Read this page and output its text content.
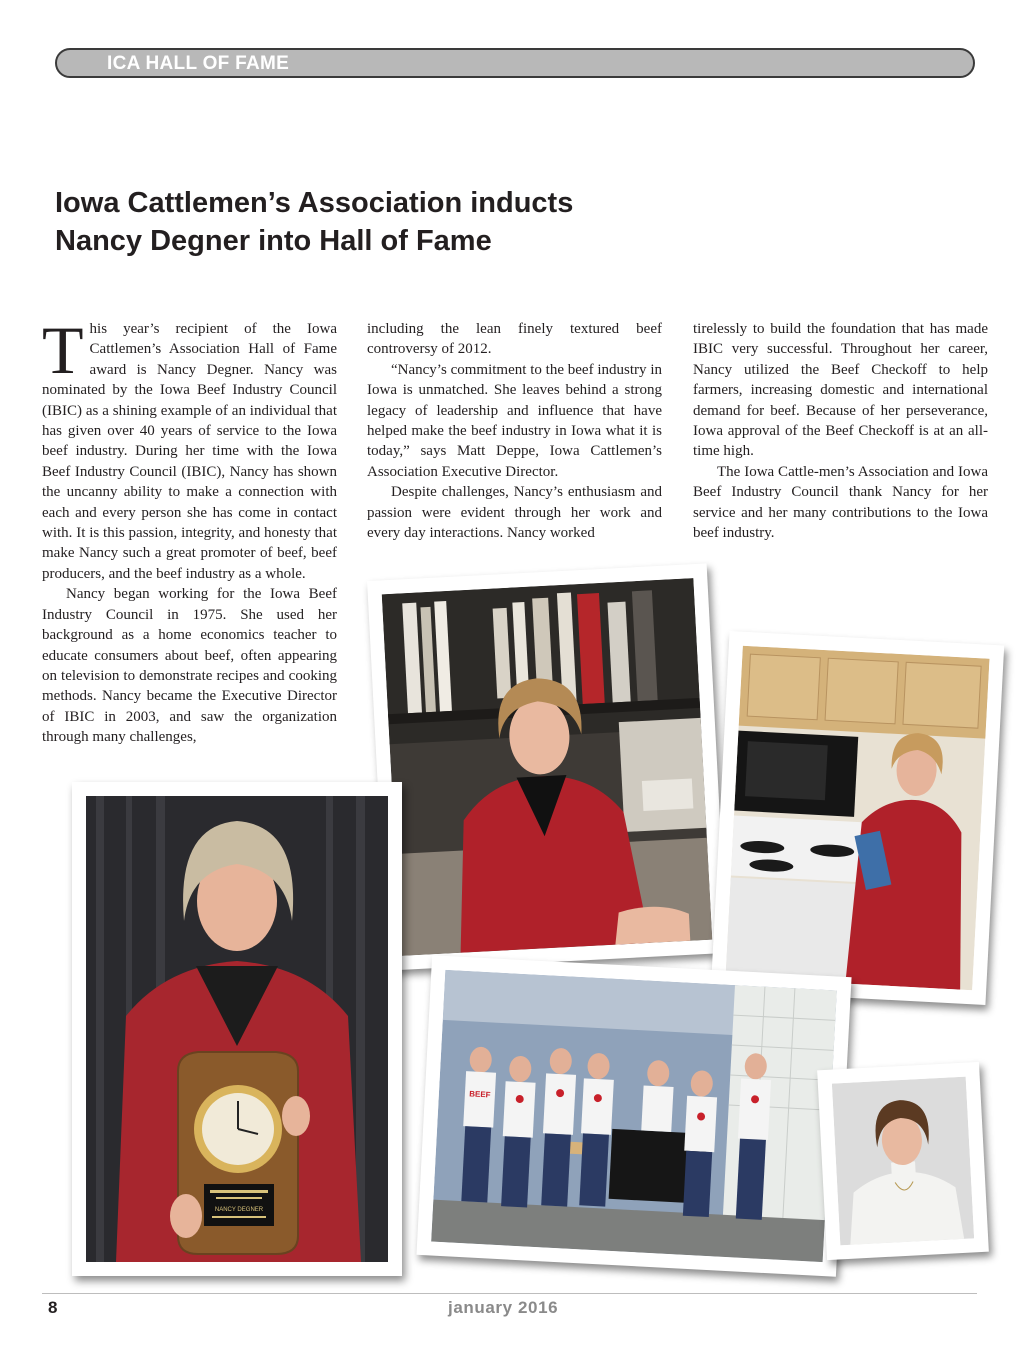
ICA HALL OF FAME
Iowa Cattlemen’s Association inducts
Nancy Degner into Hall of Fame

This year’s recipient of the Iowa Cattlemen’s Association Hall of Fame award is Nancy Degner. Nancy was nominated by the Iowa Beef Industry Council (IBIC) as a shining example of an individual that has given over 40 years of service to the Iowa beef industry. During her time with the Iowa Beef Industry Council (IBIC), Nancy has shown the uncanny ability to make a connection with each and every person she has come in contact with. It is this passion, integrity, and honesty that make Nancy such a great promoter of beef, beef producers, and the beef industry as a whole.

Nancy began working for the Iowa Beef Industry Council in 1975. She used her background as a home economics teacher to educate consumers about beef, often appearing on television to demonstrate recipes and cooking methods. Nancy became the Executive Director of IBIC in 2003, and saw the organization through many challenges,

including the lean finely textured beef controversy of 2012.

“Nancy’s commitment to the beef industry in Iowa is unmatched. She leaves behind a strong legacy of leadership and influence that have helped make the beef industry in Iowa what it is today,” says Matt Deppe, Iowa Cattlemen’s Association Executive Director.

Despite challenges, Nancy’s enthusiasm and passion were evident through her work and every day interactions. Nancy worked

tirelessly to build the foundation that has made IBIC very successful. Throughout her career, Nancy utilized the Beef Checkoff to help farmers, increasing domestic and international demand for beef. Because of her perseverance, Iowa approval of the Beef Checkoff is at an all-time high.

The Iowa Cattle-men’s Association and Iowa Beef Industry Council thank Nancy for her service and her many contributions to the Iowa beef industry.

NANCY DEGNER
BEEF
8	january 2016
